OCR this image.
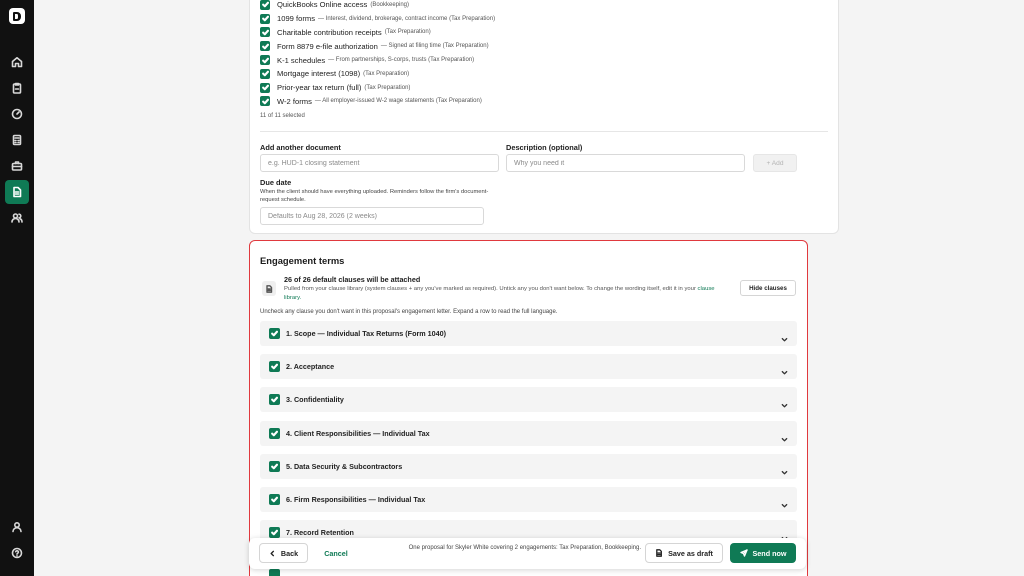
QuickBooks Online access (Bookkeeping)
1099 forms — Interest, dividend, brokerage, contract income (Tax Preparation)
Charitable contribution receipts (Tax Preparation)
Form 8879 e-file authorization — Signed at filing time (Tax Preparation)
K-1 schedules — From partnerships, S-corps, trusts (Tax Preparation)
Mortgage interest (1098) (Tax Preparation)
Prior-year tax return (full) (Tax Preparation)
W-2 forms — All employer-issued W-2 wage statements (Tax Preparation)
11 of 11 selected
Add another document
e.g. HUD-1 closing statement	Description (optional)
Why you need it
+ Add
Due date
When the client should have everything uploaded. Reminders follow the firm's document-request schedule.
Defaults to Aug 28, 2026 (2 weeks)
Engagement terms
26 of 26 default clauses will be attached
Pulled from your clause library (system clauses + any you've marked as required). Untick any you don't want below. To change the wording itself, edit it in your clause library.
Hide clauses
Uncheck any clause you don't want in this proposal's engagement letter. Expand a row to read the full language.
1. Scope — Individual Tax Returns (Form 1040)
2. Acceptance
3. Confidentiality
4. Client Responsibilities — Individual Tax
5. Data Security & Subcontractors
6. Firm Responsibilities — Individual Tax
7. Record Retention
Back	Cancel
One proposal for Skyler White covering 2 engagements: Tax Preparation, Bookkeeping.
Save as draft	Send now
